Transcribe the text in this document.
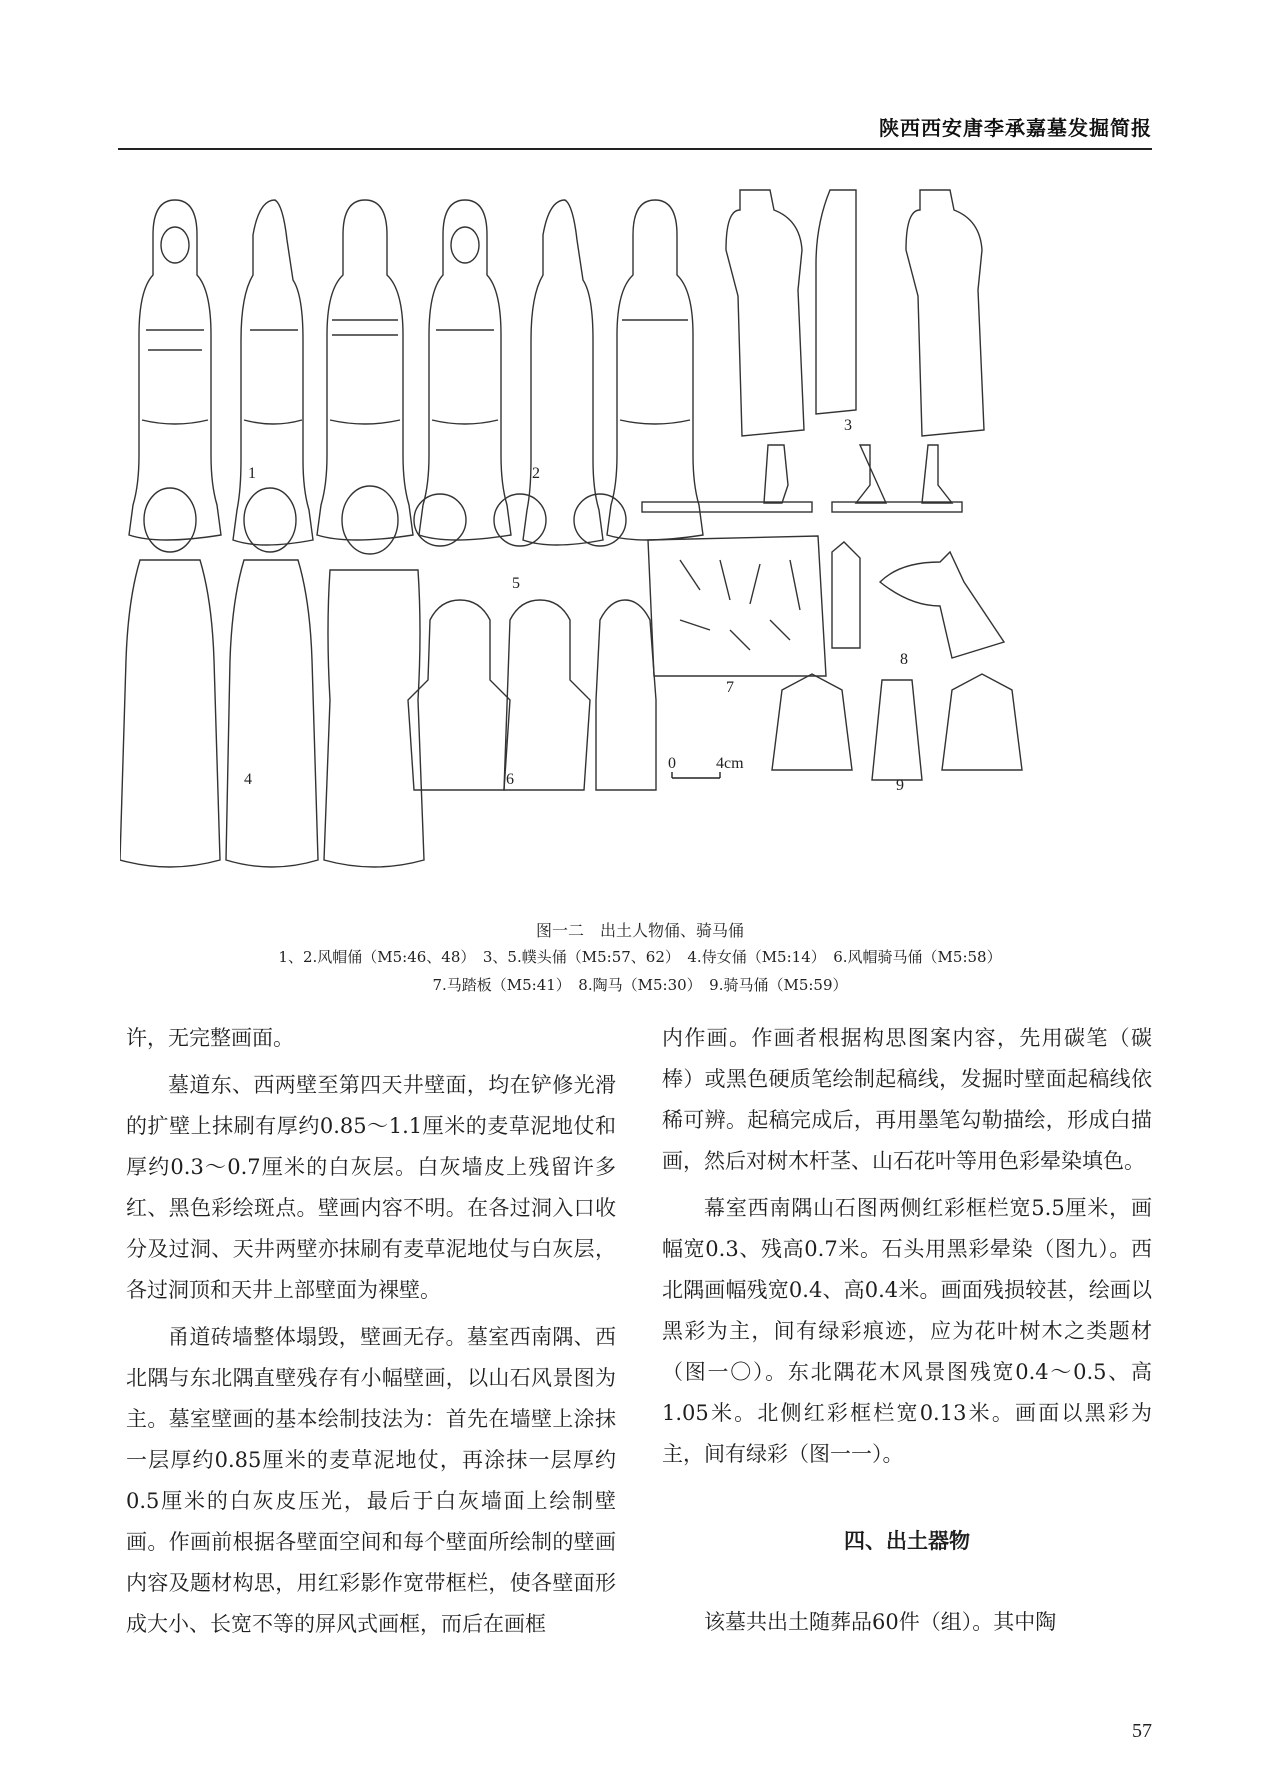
陕西西安唐李承嘉墓发掘简报
1	2
3
4
5
6
7
8
9
0	4cm
图一二　出土人物俑、骑马俑
1、2.风帽俑（M5:46、48）　3、5.幞头俑（M5:57、62）　4.侍女俑（M5:14）　6.风帽骑马俑（M5:58）
7.马踏板（M5:41）　8.陶马（M5:30）　9.骑马俑（M5:59）

许，无完整画面。

墓道东、西两壁至第四天井壁面，均在铲修光滑的扩壁上抹刷有厚约0.85～1.1厘米的麦草泥地仗和厚约0.3～0.7厘米的白灰层。白灰墙皮上残留许多红、黑色彩绘斑点。壁画内容不明。在各过洞入口收分及过洞、天井两壁亦抹刷有麦草泥地仗与白灰层，各过洞顶和天井上部壁面为裸壁。

甬道砖墙整体塌毁，壁画无存。墓室西南隅、西北隅与东北隅直壁残存有小幅壁画，以山石风景图为主。墓室壁画的基本绘制技法为：首先在墙壁上涂抹一层厚约0.85厘米的麦草泥地仗，再涂抹一层厚约0.5厘米的白灰皮压光，最后于白灰墙面上绘制壁画。作画前根据各壁面空间和每个壁面所绘制的壁画内容及题材构思，用红彩影作宽带框栏，使各壁面形成大小、长宽不等的屏风式画框，而后在画框

内作画。作画者根据构思图案内容，先用碳笔（碳棒）或黑色硬质笔绘制起稿线，发掘时壁面起稿线依稀可辨。起稿完成后，再用墨笔勾勒描绘，形成白描画，然后对树木杆茎、山石花叶等用色彩晕染填色。

幕室西南隅山石图两侧红彩框栏宽5.5厘米，画幅宽0.3、残高0.7米。石头用黑彩晕染（图九）。西北隅画幅残宽0.4、高0.4米。画面残损较甚，绘画以黑彩为主，间有绿彩痕迹，应为花叶树木之类题材（图一〇）。东北隅花木风景图残宽0.4～0.5、高1.05米。北侧红彩框栏宽0.13米。画面以黑彩为主，间有绿彩（图一一）。

四、出土器物

该墓共出土随葬品60件（组）。其中陶

57
